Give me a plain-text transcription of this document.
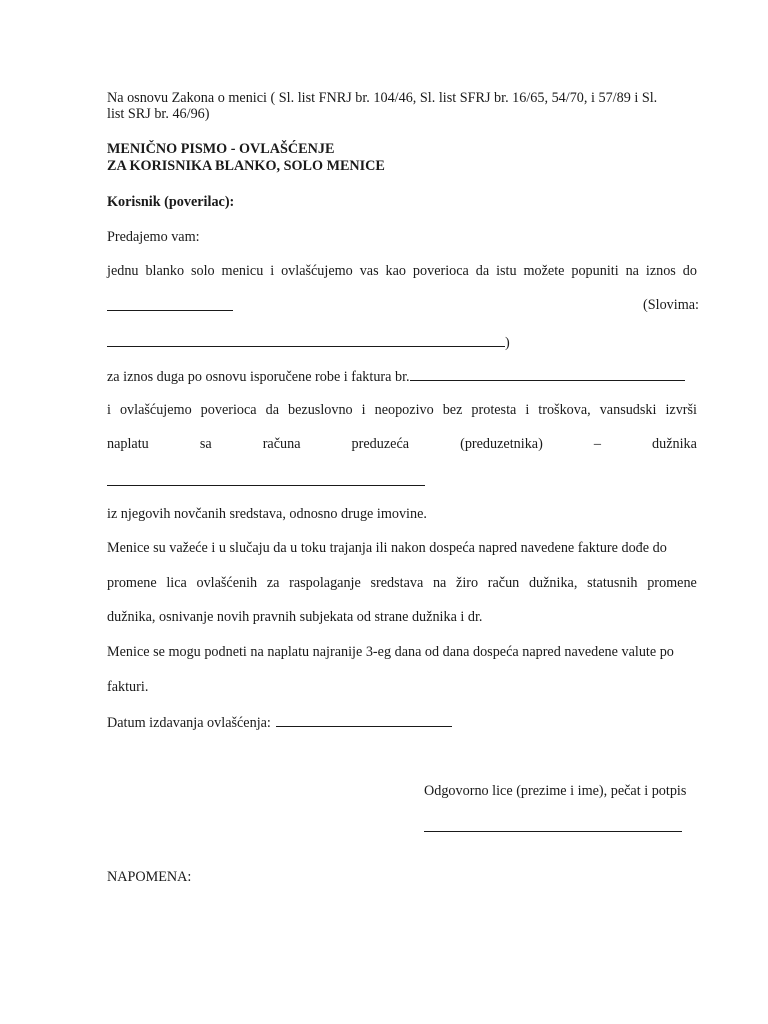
Na osnovu Zakona o menici ( Sl. list FNRJ br. 104/46, Sl. list SFRJ br. 16/65, 54/70, i 57/89 i Sl.
list SRJ br. 46/96)
MENIČNO PISMO - OVLAŠĆENJE
ZA KORISNIKA BLANKO, SOLO MENICE
Korisnik (poverilac):
Predajemo vam:
jednu blanko solo menicu i ovlašćujemo vas kao poverioca da istu možete popuniti na iznos do
(Slovima:
)
za iznos duga po osnovu isporučene robe i faktura br.
i ovlašćujemo poverioca da bezuslovno i neopozivo bez protesta i troškova, vansudski izvrši
naplatu	sa	računa	preduzeća	(preduzetnika)	–	dužnika
iz njegovih novčanih sredstava, odnosno druge imovine.
Menice su važeće i u slučaju da u toku trajanja ili nakon dospeća napred navedene fakture dođe do
promene lica ovlašćenih za raspolaganje sredstava na žiro račun dužnika, statusnih promene
dužnika, osnivanje novih pravnih subjekata od strane dužnika i dr.
Menice se mogu podneti na naplatu najranije 3-eg dana od dana dospeća napred navedene valute po
fakturi.
Datum izdavanja ovlašćenja:
Odgovorno lice (prezime i ime), pečat i potpis
NAPOMENA:
